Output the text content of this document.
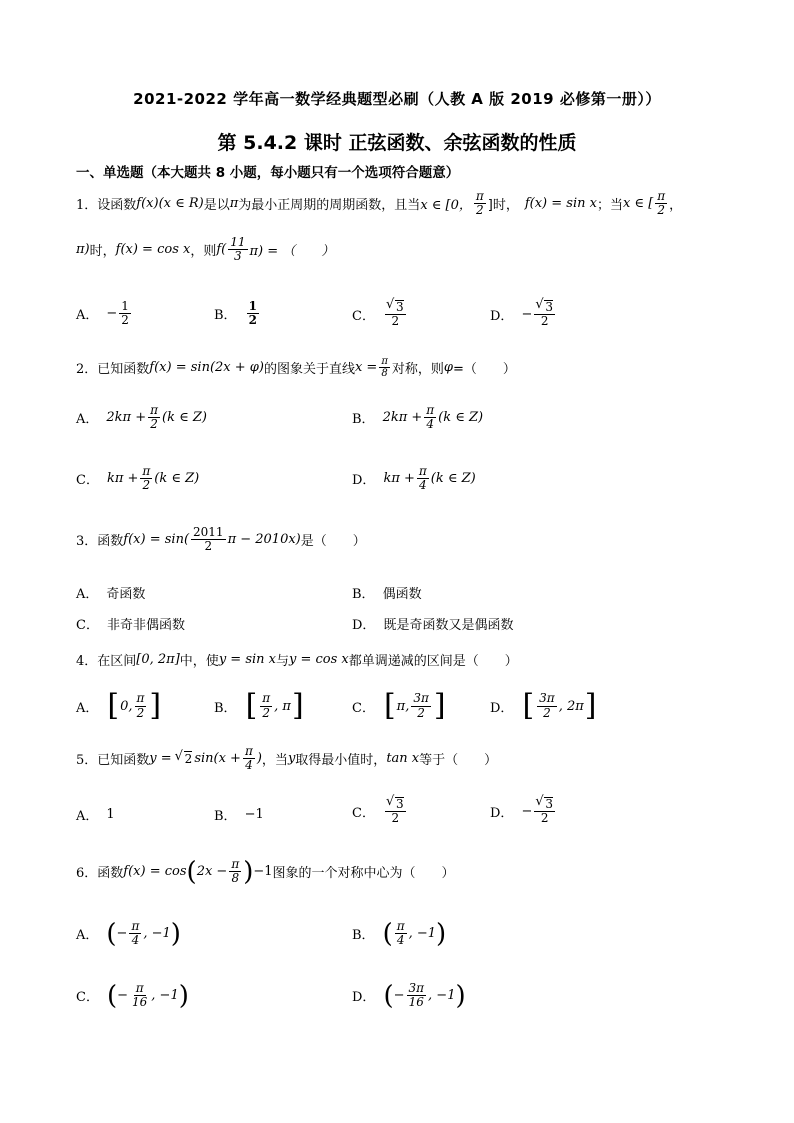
2021-2022 学年高一数学经典题型必刷（人教 A 版 2019 必修第一册））
第 5.4.2 课时 正弦函数、余弦函数的性质
一、单选题（本大题共 8 小题，每小题只有一个选项符合题意）
1． 设函数 f(x)(x ∈ R) 是以 π 为最小正周期的周期函数，且当 x ∈ [0， $\frac{\pi}{2}$ ]时， f(x) = sin x ；当 x ∈ [ $\frac{\pi}{2}$ ，
π) 时， f(x) = cos x ，则 $f( \frac{11}{3} \pi)$ = （　　）
A． − $\frac{1}{2}$	B． $\frac{1}{2}$	C． √ $\frac{3}{2}$	D． − √ $\frac{3}{2}$
2． 已知函数 f(x) = sin(2x + φ) 的图象关于直线 $x = \frac{\pi}{8}$ 对称，则 φ =（　　）
A． $2k\pi + \frac{\pi}{2} (k$ ∈ Z)	B． $2k\pi + \frac{\pi}{4} (k$ ∈ Z)
C． $k\pi + \frac{\pi}{2} (k$ ∈ Z)	D． $k\pi + \frac{\pi}{4} (k$ ∈ Z)
3． 函数 $f(x) = \sin( \frac{2011}{2}$ π − 2010x) 是（　　）
A． 奇函数	B． 偶函数
C． 非奇非偶函数	D． 既是奇函数又是偶函数
4． 在区间 [0, 2π] 中，使 y = sin x 与 y = cos x 都单调递减的区间是（　　）
A． [ 0, $\frac{\pi}{2}$ ]	B． [ $\frac{\pi}{2}$ , π ]	C． [ π, $\frac{3\pi}{2}$ ]	D． [ $\frac{3\pi}{2}$ , 2π ]
5． 已知函数 y = √ 2 $\sin(x + \frac{\pi}{4}$ ) ，当 y 取得最小值时， tan x 等于（　　）
A． 1	B． −1	C． √ $\frac{3}{2}$	D． − √ $\frac{3}{2}$
6． 函数 f(x) = cos ( $2x - \frac{\pi}{8}$ ) −1 图象的一个对称中心为（　　）
A． ( − $\frac{\pi}{4}$ , −1 )	B． ( $\frac{\pi}{4}$ , −1 )
C． ( − $\frac{\pi}{16}$ , −1 )	D． ( − $\frac{3\pi}{16}$ , −1 )
